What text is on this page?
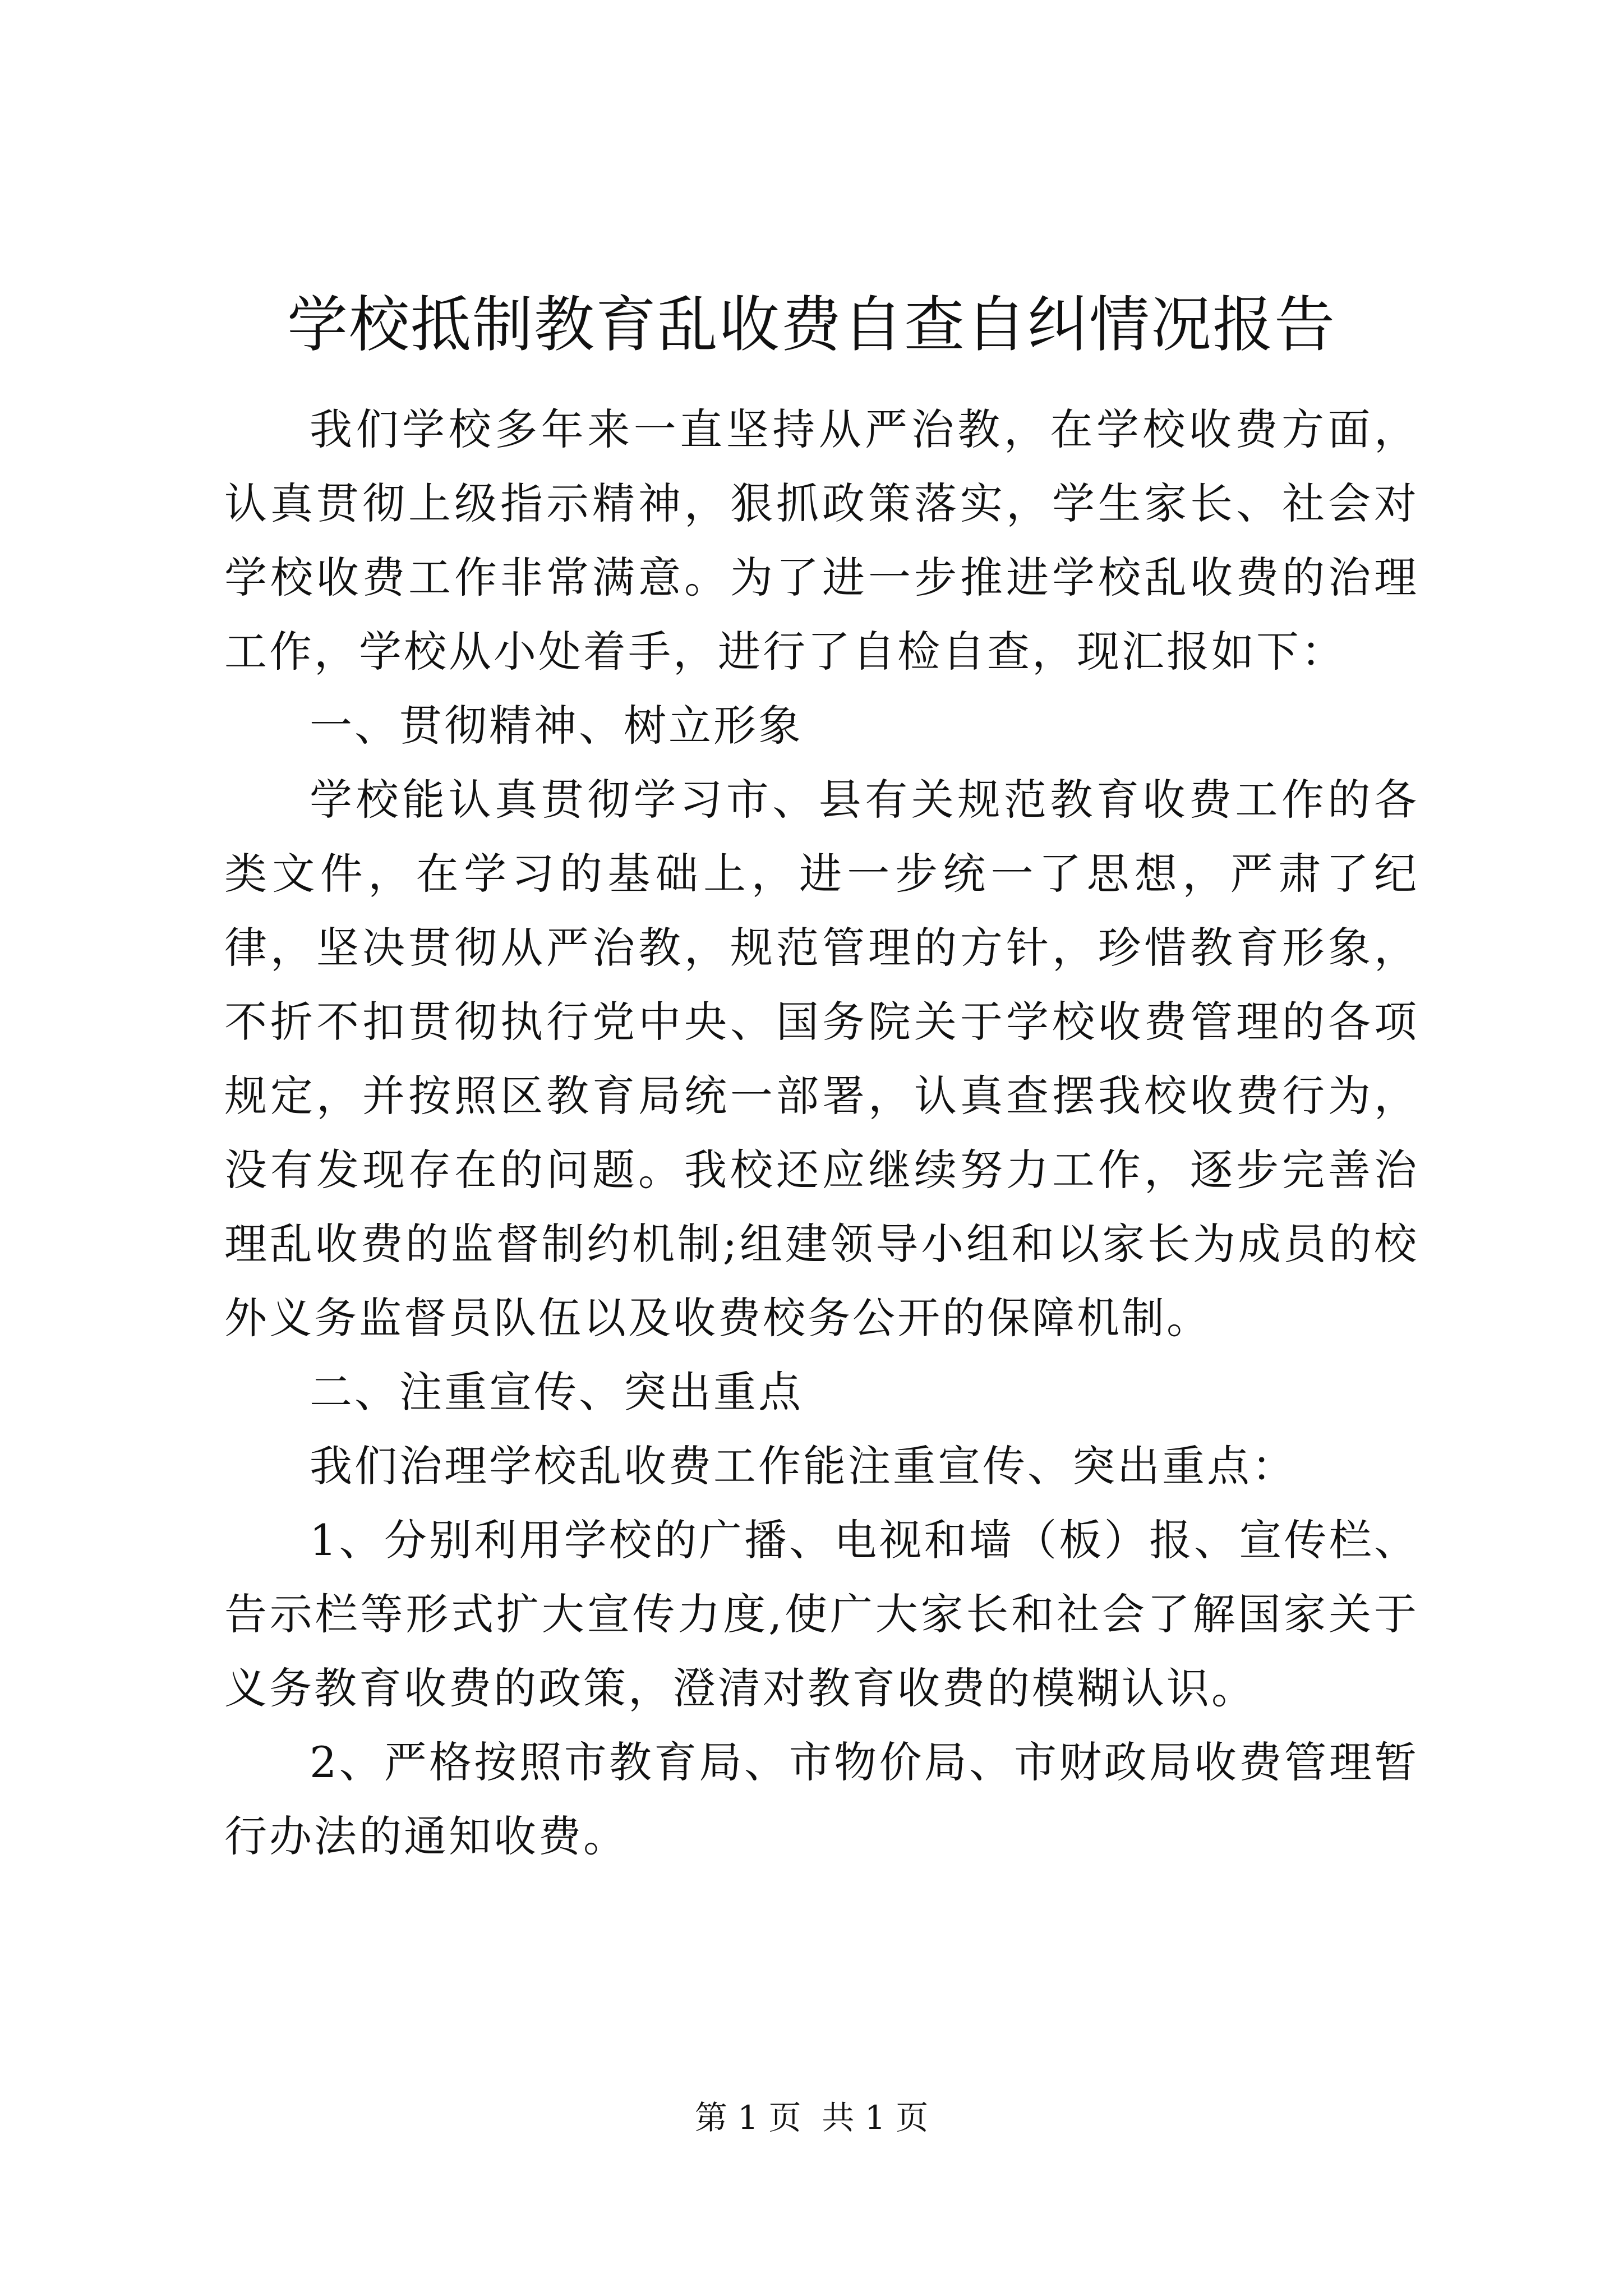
学校抵制教育乱收费自查自纠情况报告

我们学校多年来一直坚持从严治教，在学校收费方面，认真贯彻上级指示精神，狠抓政策落实，学生家长、社会对学校收费工作非常满意。为了进一步推进学校乱收费的治理工作，学校从小处着手，进行了自检自查，现汇报如下：

一、贯彻精神、树立形象

学校能认真贯彻学习市、县有关规范教育收费工作的各类文件，在学习的基础上，进一步统一了思想，严肃了纪律，坚决贯彻从严治教，规范管理的方针，珍惜教育形象，不折不扣贯彻执行党中央、国务院关于学校收费管理的各项规定，并按照区教育局统一部署，认真查摆我校收费行为，没有发现存在的问题。我校还应继续努力工作，逐步完善治理乱收费的监督制约机制;组建领导小组和以家长为成员的校外义务监督员队伍以及收费校务公开的保障机制。

二、注重宣传、突出重点

我们治理学校乱收费工作能注重宣传、突出重点：

1、分别利用学校的广播、电视和墙（板）报、宣传栏、告示栏等形式扩大宣传力度,使广大家长和社会了解国家关于义务教育收费的政策，澄清对教育收费的模糊认识。

2、严格按照市教育局、市物价局、市财政局收费管理暂行办法的通知收费。

第 1 页  共 1 页
